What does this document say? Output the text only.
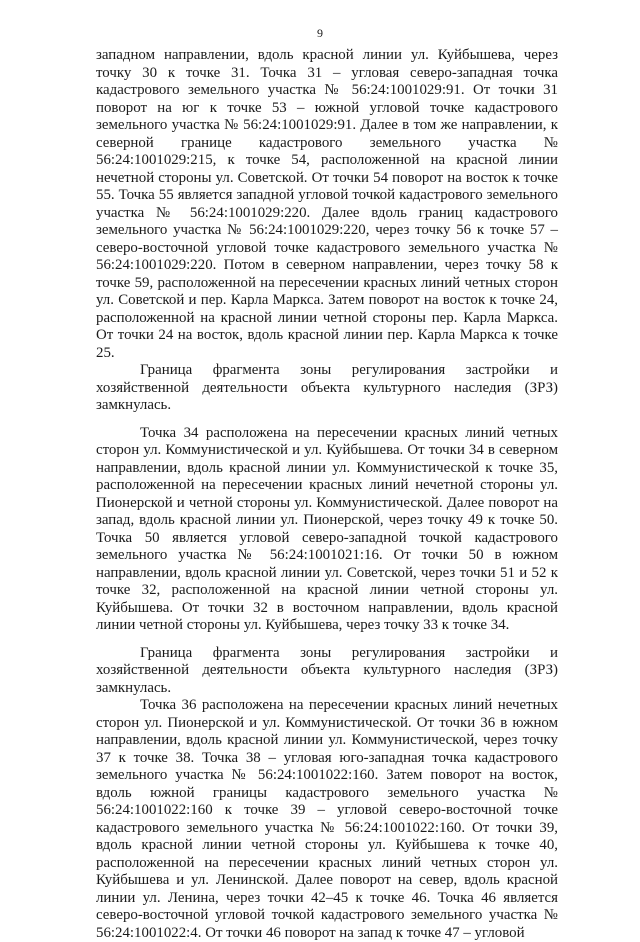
9

западном направлении, вдоль красной линии ул. Куйбышева, через точку 30 к точке 31. Точка 31 – угловая северо-западная точка кадастрового земельного участка № 56:24:1001029:91. От точки 31 поворот на юг к точке 53 – южной угловой точке кадастрового земельного участка № 56:24:1001029:91. Далее в том же направлении, к северной границе кадастрового земельного участка № 56:24:1001029:215, к точке 54, расположенной на красной линии нечетной стороны ул. Советской. От точки 54 поворот на восток к точке 55. Точка 55 является западной угловой точкой кадастрового земельного участка № 56:24:1001029:220. Далее вдоль границ кадастрового земельного участка № 56:24:1001029:220, через точку 56 к точке 57 – северо-восточной угловой точке кадастрового земельного участка № 56:24:1001029:220. Потом в северном направлении, через точку 58 к точке 59, расположенной на пересечении красных линий четных сторон ул. Советской и пер. Карла Маркса. Затем поворот на восток к точке 24, расположенной на красной линии четной стороны пер. Карла Маркса. От точки 24 на восток, вдоль красной линии пер. Карла Маркса к точке 25.

Граница фрагмента зоны регулирования застройки и хозяйственной деятельности объекта культурного наследия (ЗРЗ) замкнулась.

Точка 34 расположена на пересечении красных линий четных сторон ул. Коммунистической и ул. Куйбышева. От точки 34 в северном направлении, вдоль красной линии ул. Коммунистической к точке 35, расположенной на пересечении красных линий нечетной стороны ул. Пионерской и четной стороны ул. Коммунистической. Далее поворот на запад, вдоль красной линии ул. Пионерской, через точку 49 к точке 50. Точка 50 является угловой северо-западной точкой кадастрового земельного участка № 56:24:1001021:16. От точки 50 в южном направлении, вдоль красной линии ул. Советской, через точки 51 и 52 к точке 32, расположенной на красной линии четной стороны ул. Куйбышева. От точки 32 в восточном направлении, вдоль красной линии четной стороны ул. Куйбышева, через точку 33 к точке 34.

Граница фрагмента зоны регулирования застройки и хозяйственной деятельности объекта культурного наследия (ЗРЗ) замкнулась.

Точка 36 расположена на пересечении красных линий нечетных сторон ул. Пионерской и ул. Коммунистической. От точки 36 в южном направлении, вдоль красной линии ул. Коммунистической, через точку 37 к точке 38. Точка 38 – угловая юго-западная точка кадастрового земельного участка № 56:24:1001022:160. Затем поворот на восток, вдоль южной границы кадастрового земельного участка № 56:24:1001022:160 к точке 39 – угловой северо-восточной точке кадастрового земельного участка № 56:24:1001022:160. От точки 39, вдоль красной линии четной стороны ул. Куйбышева к точке 40, расположенной на пересечении красных линий четных сторон ул. Куйбышева и ул. Ленинской. Далее поворот на север, вдоль красной линии ул. Ленина, через точки 42–45 к точке 46. Точка 46 является северо-восточной угловой точкой кадастрового земельного участка № 56:24:1001022:4. От точки 46 поворот на запад к точке 47 – угловой
